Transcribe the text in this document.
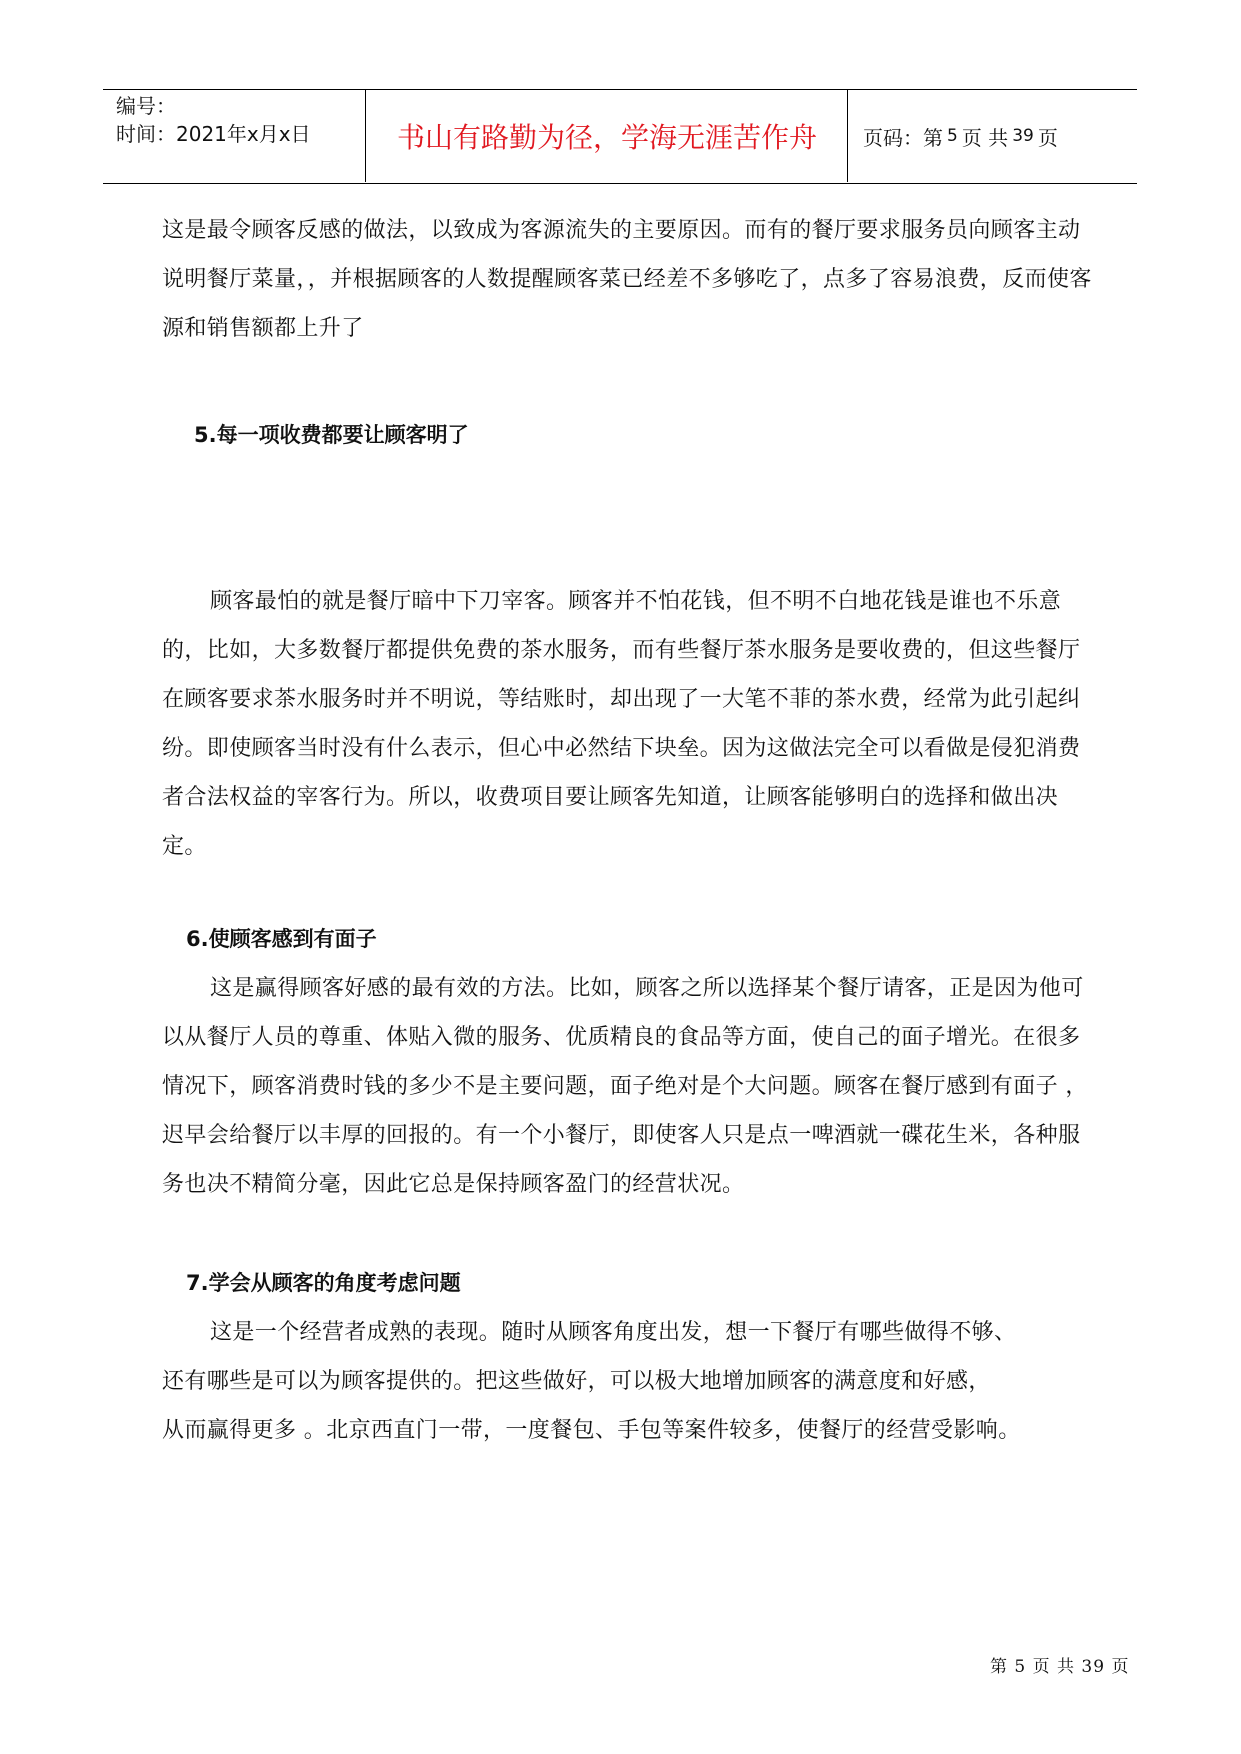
编号：
时间：2021年x月x日	书山有路勤为径，学海无涯苦作舟	页码：第 5 页 共 39 页

这是最令顾客反感的做法，以致成为客源流失的主要原因。而有的餐厅要求服务员向顾客主动说明餐厅菜量，，并根据顾客的人数提醒顾客菜已经差不多够吃了，点多了容易浪费，反而使客源和销售额都上升了

5.每一项收费都要让顾客明了

顾客最怕的就是餐厅暗中下刀宰客。顾客并不怕花钱，但不明不白地花钱是谁也不乐意的，比如，大多数餐厅都提供免费的茶水服务，而有些餐厅茶水服务是要收费的，但这些餐厅在顾客要求茶水服务时并不明说，等结账时，却出现了一大笔不菲的茶水费，经常为此引起纠纷。即使顾客当时没有什么表示，但心中必然结下块垒。因为这做法完全可以看做是侵犯消费者合法权益的宰客行为。所以，收费项目要让顾客先知道，让顾客能够明白的选择和做出决定。

6.使顾客感到有面子

这是赢得顾客好感的最有效的方法。比如，顾客之所以选择某个餐厅请客，正是因为他可以从餐厅人员的尊重、体贴入微的服务、优质精良的食品等方面，使自己的面子增光。在很多情况下，顾客消费时钱的多少不是主要问题，面子绝对是个大问题。顾客在餐厅感到有面子 ，迟早会给餐厅以丰厚的回报的。有一个小餐厅，即使客人只是点一啤酒就一碟花生米，各种服务也决不精简分毫，因此它总是保持顾客盈门的经营状况。

7.学会从顾客的角度考虑问题

这是一个经营者成熟的表现。随时从顾客角度出发，想一下餐厅有哪些做得不够、

还有哪些是可以为顾客提供的。把这些做好，可以极大地增加顾客的满意度和好感，

从而赢得更多 。北京西直门一带，一度餐包、手包等案件较多，使餐厅的经营受影响。

第 5 页 共 39 页
